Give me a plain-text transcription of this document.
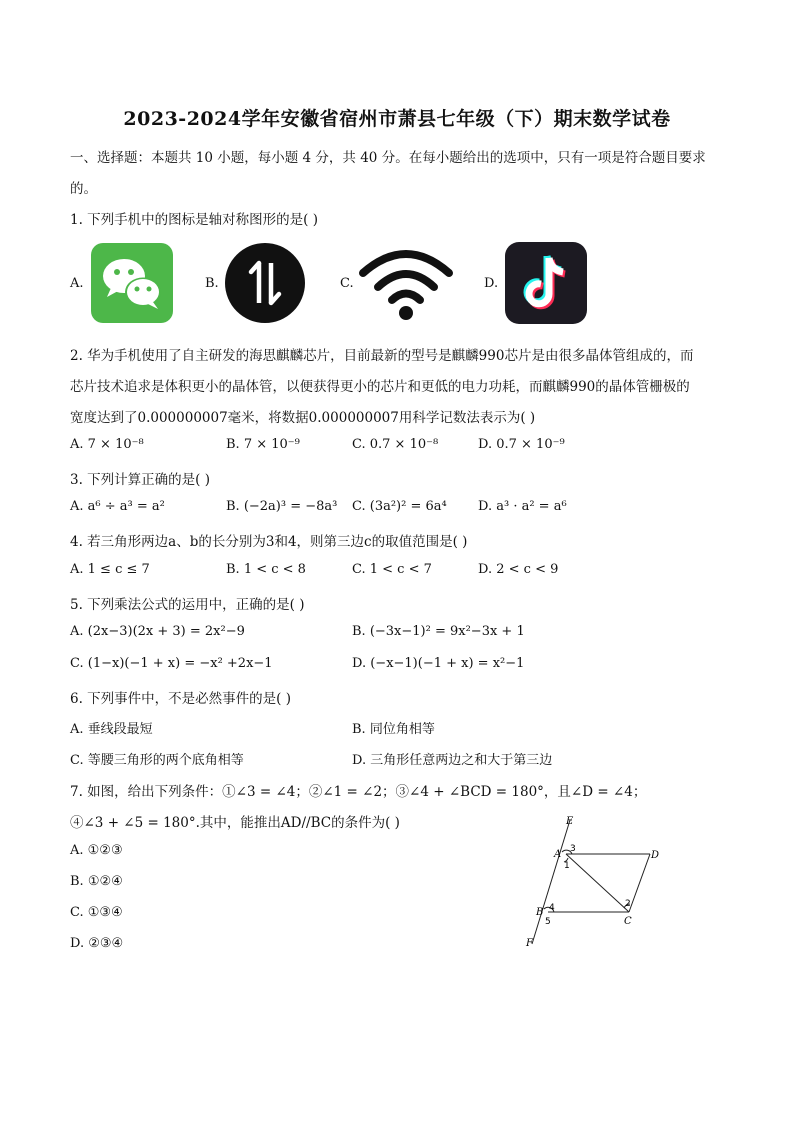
2023-2024学年安徽省宿州市萧县七年级（下）期末数学试卷
一、选择题：本题共 10 小题，每小题 4 分，共 40 分。在每小题给出的选项中，只有一项是符合题目要求
的。
1. 下列手机中的图标是轴对称图形的是( )
A.	B.	C.	D.
2. 华为手机使用了自主研发的海思麒麟芯片，目前最新的型号是麒麟990芯片是由很多晶体管组成的，而
芯片技术追求是体积更小的晶体管，以便获得更小的芯片和更低的电力功耗，而麒麟990的晶体管栅极的
宽度达到了0.000000007毫米，将数据0.000000007用科学记数法表示为( )
A. 7 × 10⁻⁸	B. 7 × 10⁻⁹	C. 0.7 × 10⁻⁸	D. 0.7 × 10⁻⁹
3. 下列计算正确的是( )
A. a⁶ ÷ a³ = a²	B. (−2a)³ = −8a³ C. (3a²)² = 6a⁴ D. a³ · a² = a⁶
4. 若三角形两边a、b的长分别为3和4，则第三边c的取值范围是( )
A. 1 ≤ c ≤ 7	B. 1 < c < 8	C. 1 < c < 7	D. 2 < c < 9
5. 下列乘法公式的运用中，正确的是( )
A. (2x−3)(2x + 3) = 2x²−9	B. (−3x−1)² = 9x²−3x + 1
C. (1−x)(−1 + x) = −x² +2x−1	D. (−x−1)(−1 + x) = x²−1
6. 下列事件中，不是必然事件的是( )
A. 垂线段最短	B. 同位角相等
C. 等腰三角形的两个底角相等	D. 三角形任意两边之和大于第三边
7. 如图，给出下列条件：①∠3 = ∠4；②∠1 = ∠2；③∠4 + ∠BCD = 180°，且∠D = ∠4；
④∠3 + ∠5 = 180°.其中，能推出AD//BC的条件为( )
A. ①②③
B. ①②④
C. ①③④
D. ②③④
E
A	D
B
C
F
1
2
3
4
5
